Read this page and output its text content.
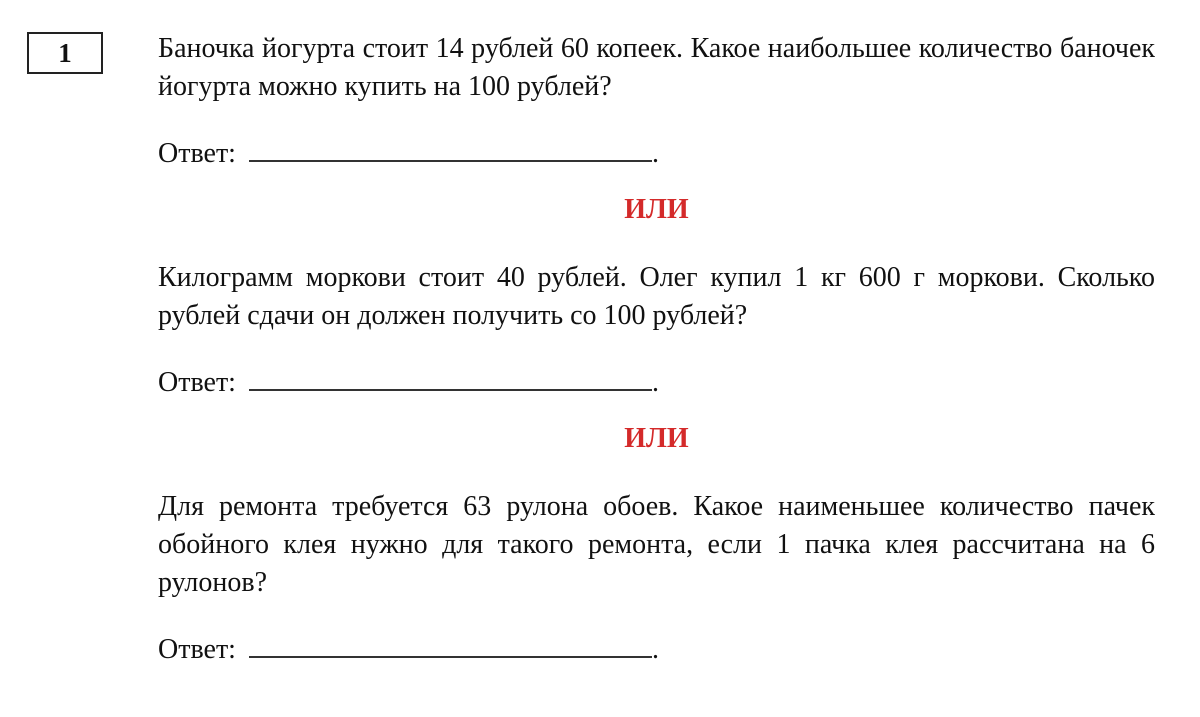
1	Баночка йогурта стоит 14 рублей 60 копеек. Какое наибольшее количество баночек йогурта можно купить на 100 рублей?

Ответ:	.
ИЛИ

Килограмм моркови стоит 40 рублей. Олег купил 1 кг 600 г моркови. Сколько рублей сдачи он должен получить со 100 рублей?

Ответ:	.
ИЛИ

Для ремонта требуется 63 рулона обоев. Какое наименьшее количество пачек обойного клея нужно для такого ремонта, если 1 пачка клея рассчитана на 6 рулонов?

Ответ:	.
